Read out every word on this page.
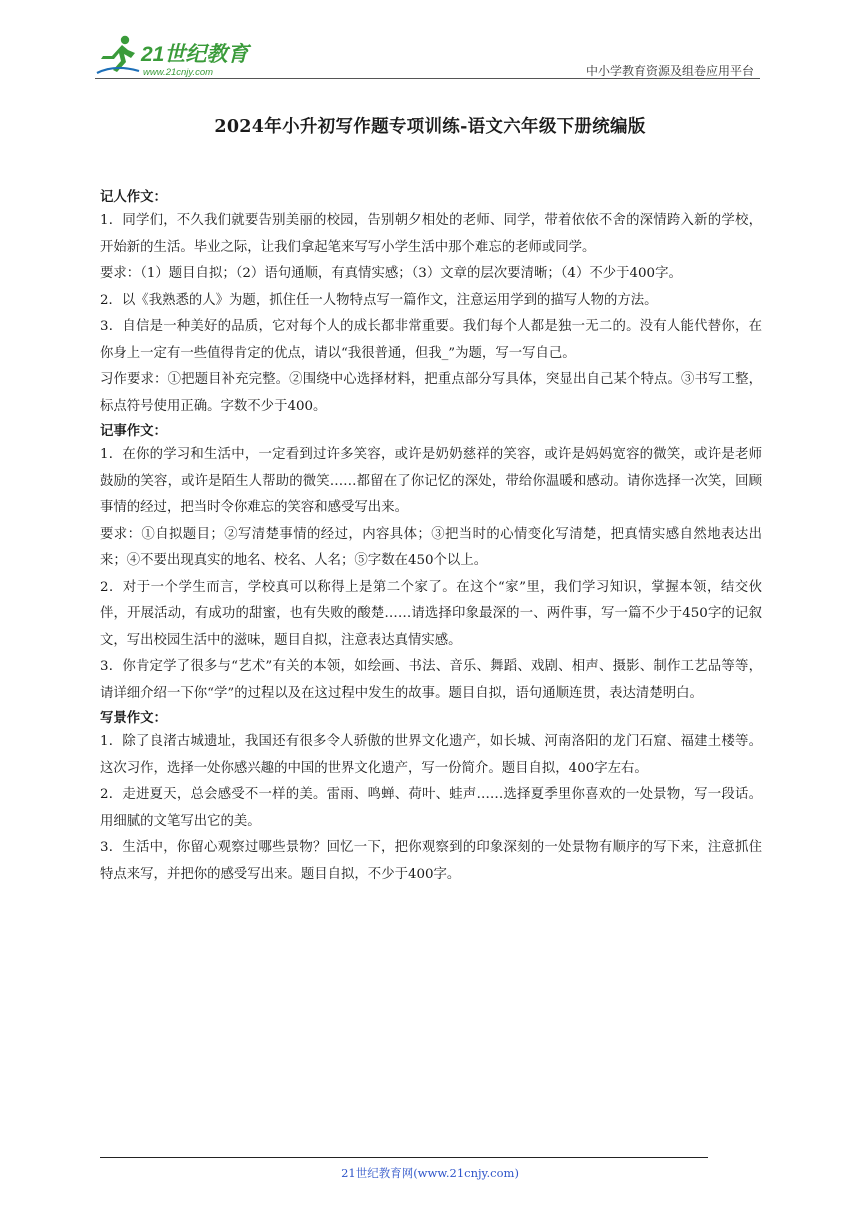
21世纪教育
www.21cnjy.com	中小学教育资源及组卷应用平台
2024年小升初写作题专项训练-语文六年级下册统编版

记人作文：

1．同学们，不久我们就要告别美丽的校园，告别朝夕相处的老师、同学，带着依依不舍的深情跨入新的学校，开始新的生活。毕业之际，让我们拿起笔来写写小学生活中那个难忘的老师或同学。

要求：（1）题目自拟；（2）语句通顺，有真情实感；（3）文章的层次要清晰；（4）不少于400字。

2．以《我熟悉的人》为题，抓住任一人物特点写一篇作文，注意运用学到的描写人物的方法。

3．自信是一种美好的品质，它对每个人的成长都非常重要。我们每个人都是独一无二的。没有人能代替你，在你身上一定有一些值得肯定的优点，请以“我很普通，但我_”为题，写一写自己。

习作要求：①把题目补充完整。②围绕中心选择材料，把重点部分写具体，突显出自己某个特点。③书写工整，标点符号使用正确。字数不少于400。

记事作文：

1．在你的学习和生活中，一定看到过许多笑容，或许是奶奶慈祥的笑容，或许是妈妈宽容的微笑，或许是老师鼓励的笑容，或许是陌生人帮助的微笑……都留在了你记忆的深处，带给你温暖和感动。请你选择一次笑，回顾事情的经过，把当时令你难忘的笑容和感受写出来。

要求：①自拟题目；②写清楚事情的经过，内容具体；③把当时的心情变化写清楚，把真情实感自然地表达出来；④不要出现真实的地名、校名、人名；⑤字数在450个以上。

2．对于一个学生而言，学校真可以称得上是第二个家了。在这个“家”里，我们学习知识，掌握本领，结交伙伴，开展活动，有成功的甜蜜，也有失败的酸楚……请选择印象最深的一、两件事，写一篇不少于450字的记叙文，写出校园生活中的滋味，题目自拟，注意表达真情实感。

3．你肯定学了很多与“艺术”有关的本领，如绘画、书法、音乐、舞蹈、戏剧、相声、摄影、制作工艺品等等，请详细介绍一下你“学”的过程以及在这过程中发生的故事。题目自拟，语句通顺连贯，表达清楚明白。

写景作文：

1．除了良渚古城遗址，我国还有很多令人骄傲的世界文化遗产，如长城、河南洛阳的龙门石窟、福建土楼等。这次习作，选择一处你感兴趣的中国的世界文化遗产，写一份简介。题目自拟，400字左右。

2．走进夏天，总会感受不一样的美。雷雨、鸣蝉、荷叶、蛙声……选择夏季里你喜欢的一处景物，写一段话。用细腻的文笔写出它的美。

3．生活中，你留心观察过哪些景物？回忆一下，把你观察到的印象深刻的一处景物有顺序的写下来，注意抓住特点来写，并把你的感受写出来。题目自拟，不少于400字。

21世纪教育网(www.21cnjy.com)
